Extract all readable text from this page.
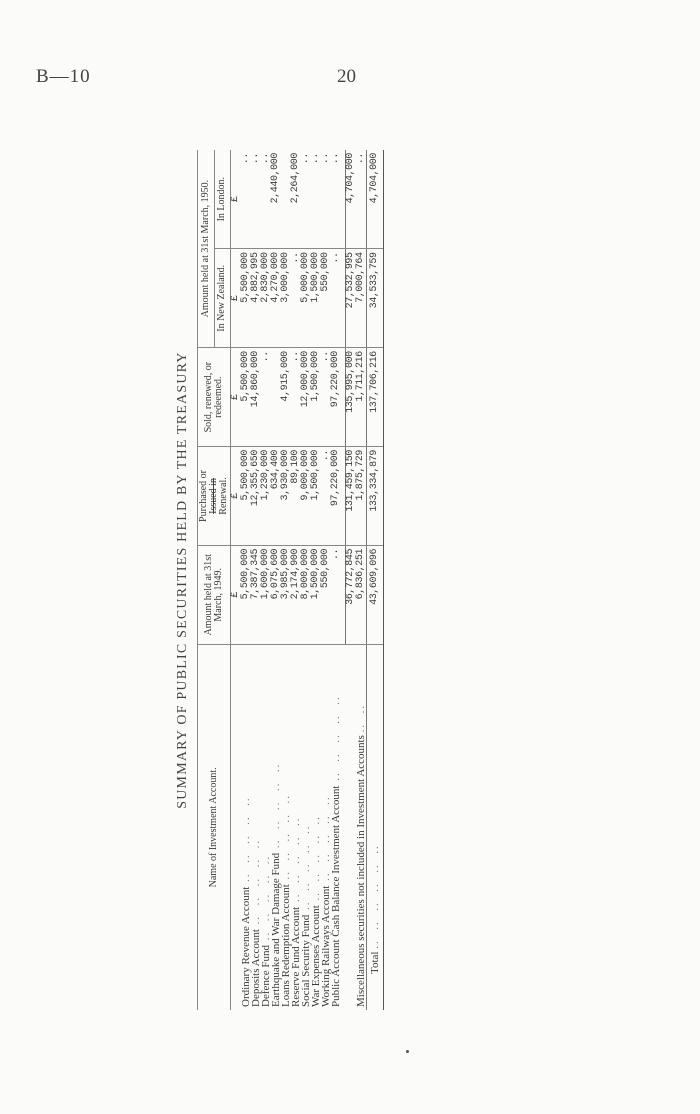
B—10	20
SUMMARY OF PUBLIC SECURITIES HELD BY THE TREASURY
Name of Investment Account.	Amount held at 31st March, 1949.	Purchased or
Issued in
Renewal.	Sold, renewed, or redeemed.	Amount held at 31st March, 1950.	
				In New Zealand.	In London.
	£	£	£	£	£
Ordinary Revenue Account ..  ..  ..  ..  ..	5,500,000	5,500,000	5,500,000	5,500,000	..
Deposits Account ..  ..  ..  ..  ..	7,387,345	12,355,650	14,860,000	4,882,995	..
Defence Fund ..  ..  ..  ..  ..	1,600,000	1,230,000	..	2,830,000	..
Earthquake and War Damage Fund ..  ..  ..  ..  ..	6,075,600	634,400		4,270,000	2,440,000
Loans Redemption Account ..  ..  ..  ..  ..	3,985,000	3,930,000	4,915,000	3,000,000	
Reserve Fund Account ..  ..  ..  ..  ..	2,174,900	89,100	..	..	2,264,000
Social Security Fund ..  ..  ..  ..  ..	8,000,000	9,000,000	12,000,000	5,000,000	..
War Expenses Account ..  ..  ..  ..  ..	1,500,000	1,500,000	1,500,000	1,500,000	..
Working Railways Account ..  ..  ..  ..  ..	550,000	..	..	550,000	..
Public Account Cash Balance Investment Account ..  ..  ..  ..  ..	..	97,220,000	97,220,000	..	..

	36,772,845	131,459,150	135,995,000	27,532,995	4,704,000
Miscellaneous securities not included in Investment Accounts ..  ..	6,836,251	1,875,729	1,711,216	7,000,764	..
   Total ..  ..  ..  ..  ..  ..	43,609,096	133,334,879	137,706,216	34,533,759	4,704,000
